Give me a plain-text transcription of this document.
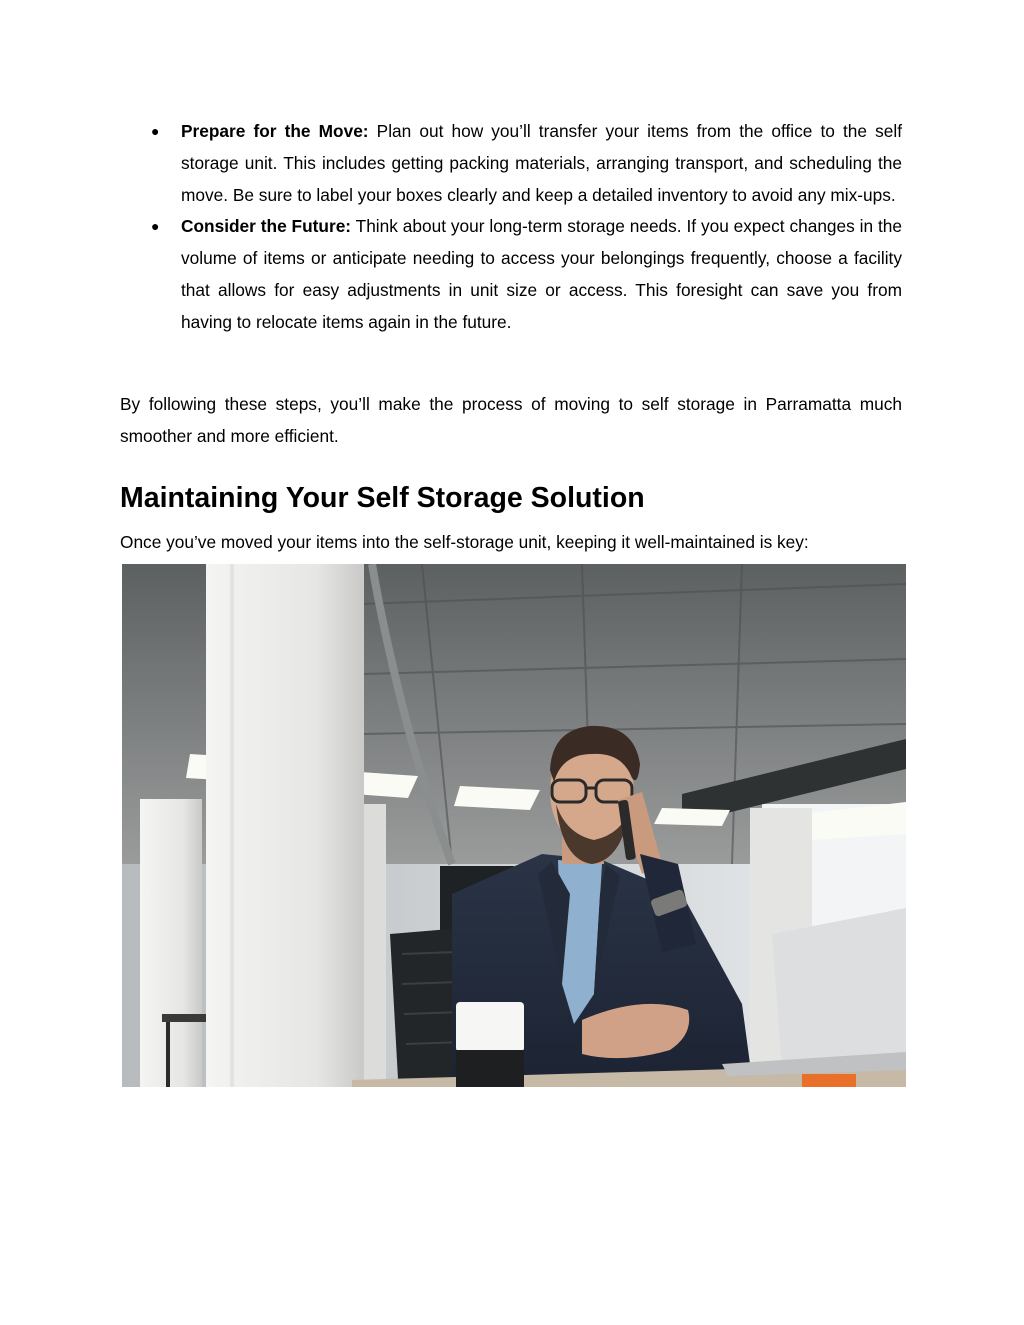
● Prepare for the Move: Plan out how you’ll transfer your items from the office to the self storage unit. This includes getting packing materials, arranging transport, and scheduling the move. Be sure to label your boxes clearly and keep a detailed inventory to avoid any mix-ups.
● Consider the Future: Think about your long-term storage needs. If you expect changes in the volume of items or anticipate needing to access your belongings frequently, choose a facility that allows for easy adjustments in unit size or access. This foresight can save you from having to relocate items again in the future.

By following these steps, you’ll make the process of moving to self storage in Parramatta much smoother and more efficient.

Maintaining Your Self Storage Solution

Once you’ve moved your items into the self-storage unit, keeping it well-maintained is key:
